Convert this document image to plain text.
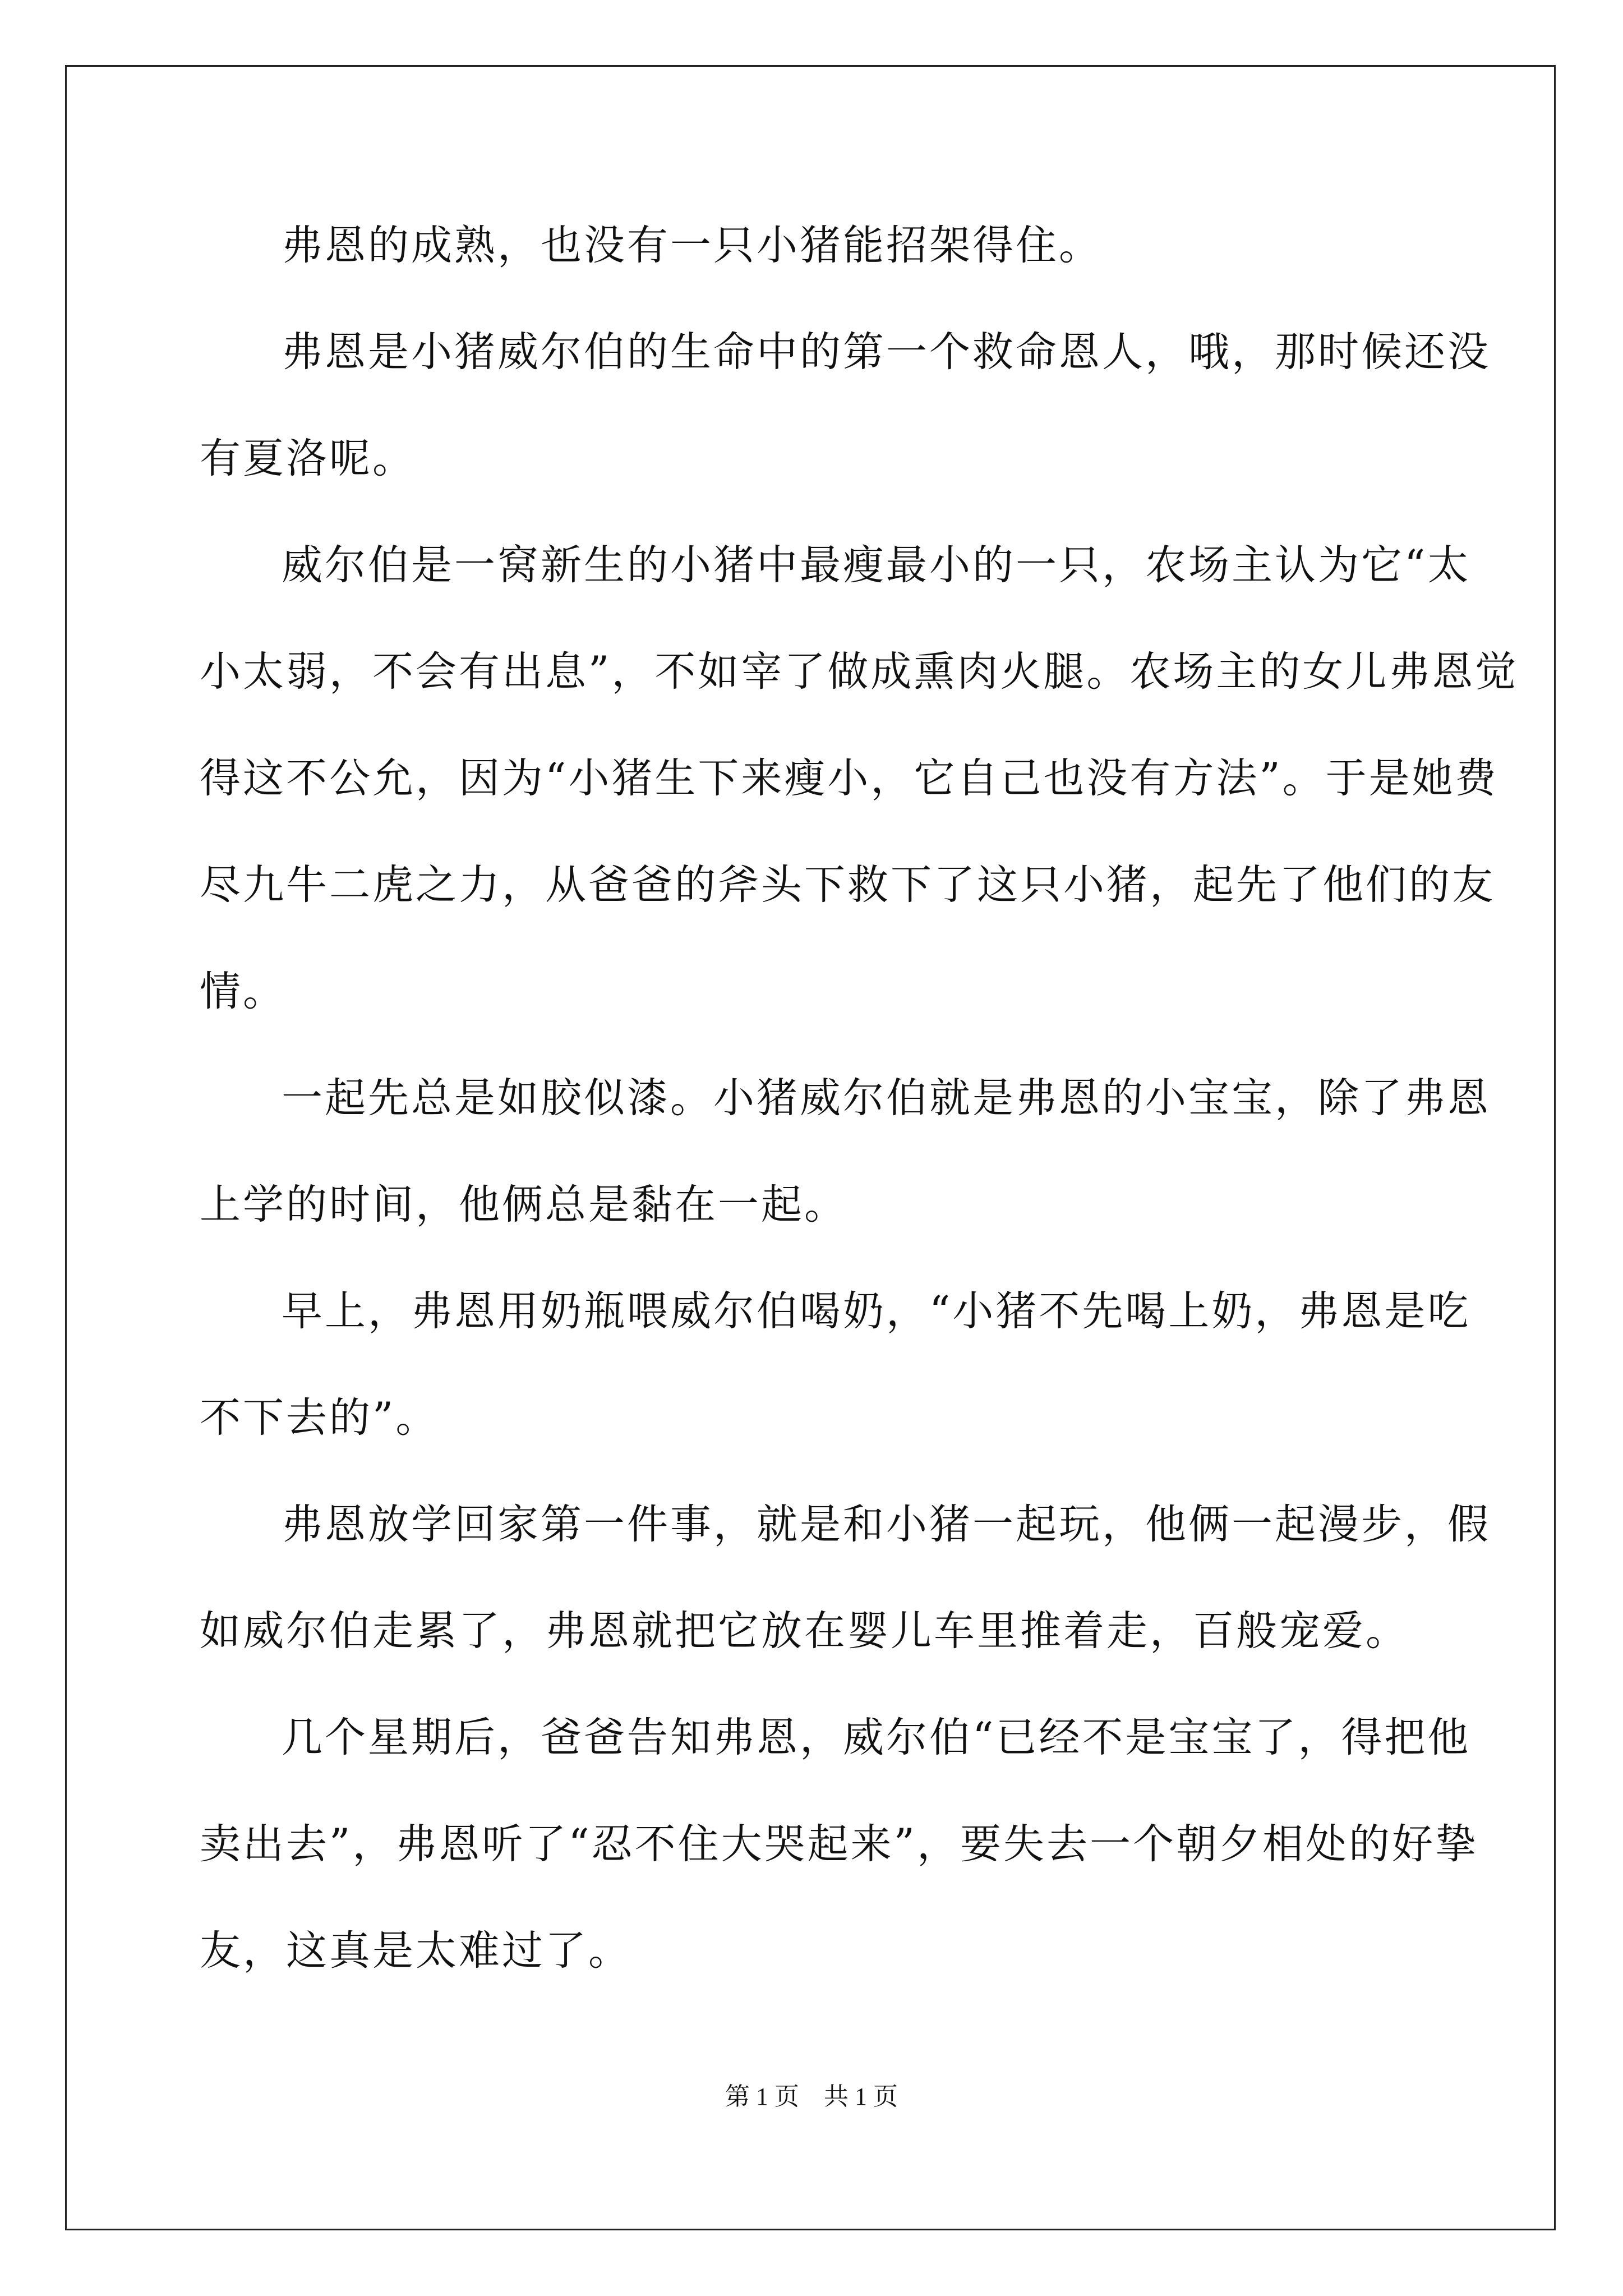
弗恩的成熟，也没有一只小猪能招架得住。
弗恩是小猪威尔伯的生命中的第一个救命恩人，哦，那时候还没
有夏洛呢。
威尔伯是一窝新生的小猪中最瘦最小的一只，农场主认为它“太
小太弱，不会有出息”，不如宰了做成熏肉火腿。农场主的女儿弗恩觉
得这不公允，因为“小猪生下来瘦小，它自己也没有方法”。于是她费
尽九牛二虎之力，从爸爸的斧头下救下了这只小猪，起先了他们的友
情。
一起先总是如胶似漆。小猪威尔伯就是弗恩的小宝宝，除了弗恩
上学的时间，他俩总是黏在一起。
早上，弗恩用奶瓶喂威尔伯喝奶，“小猪不先喝上奶，弗恩是吃
不下去的”。
弗恩放学回家第一件事，就是和小猪一起玩，他俩一起漫步，假
如威尔伯走累了，弗恩就把它放在婴儿车里推着走，百般宠爱。
几个星期后，爸爸告知弗恩，威尔伯“已经不是宝宝了，得把他
卖出去”，弗恩听了“忍不住大哭起来”，要失去一个朝夕相处的好挚
友，这真是太难过了。
第 1 页　共 1 页
